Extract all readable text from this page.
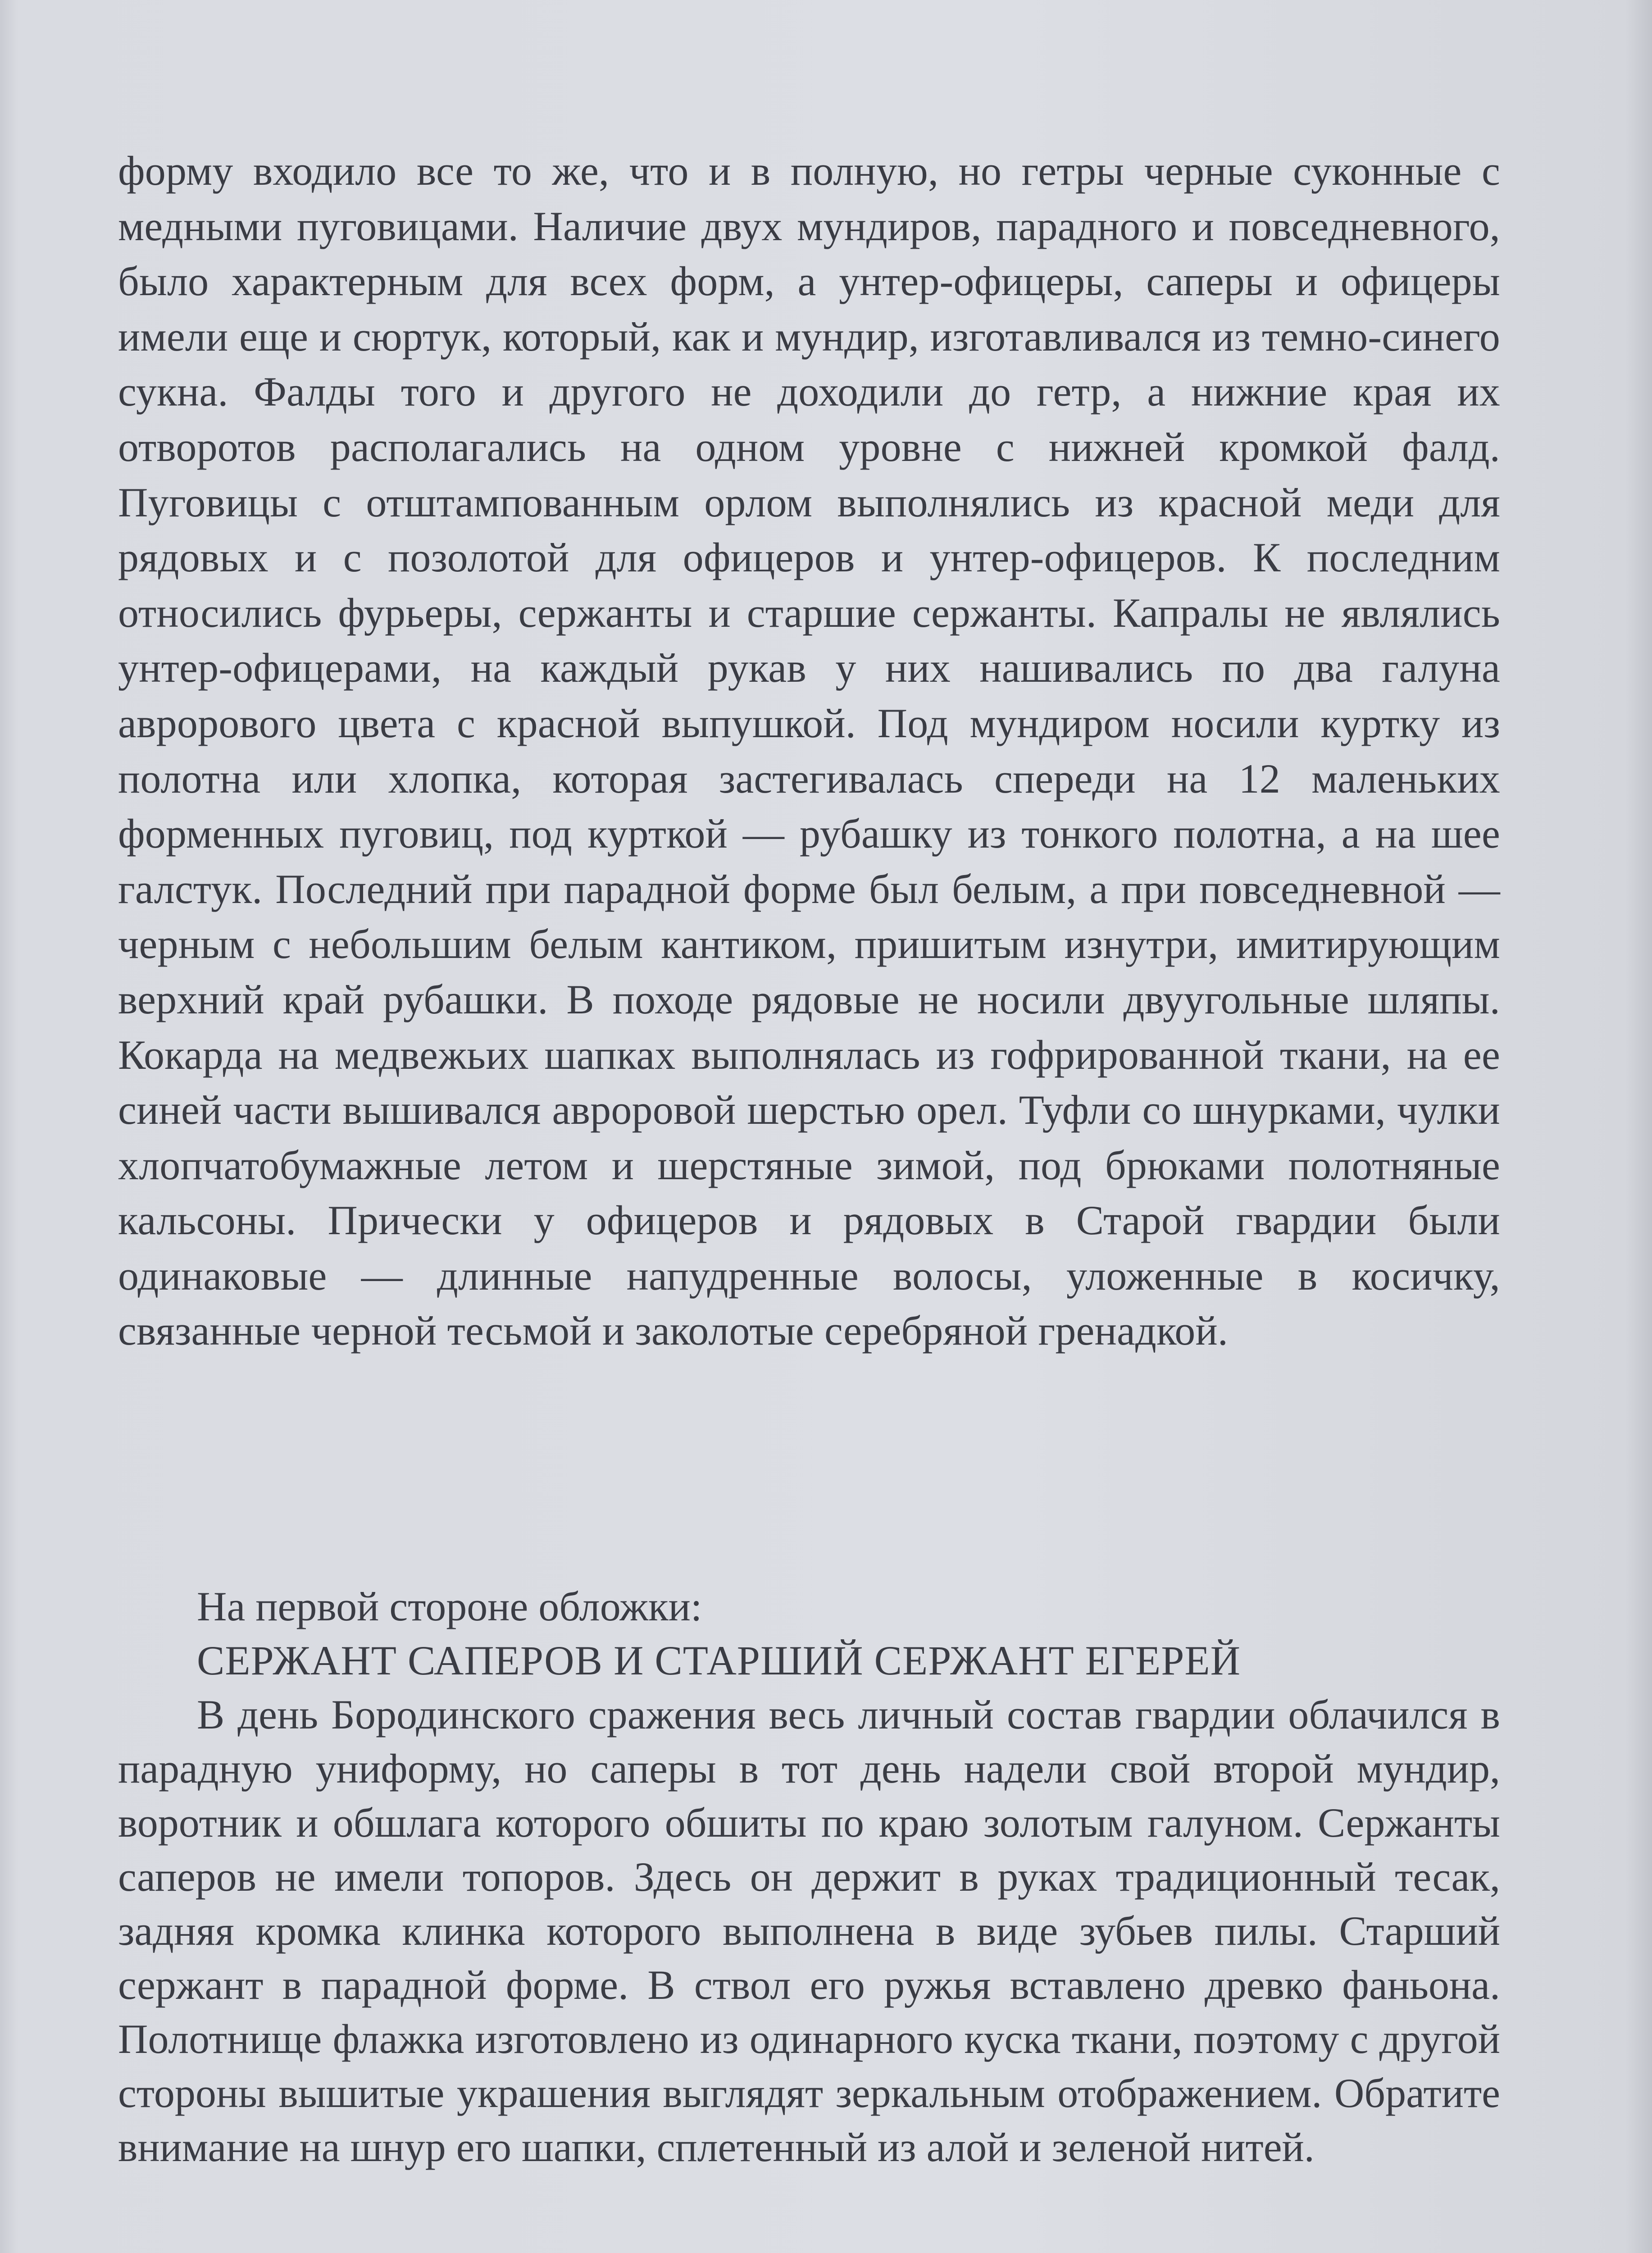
форму входило все то же, что и в полную, но гетры черные суконные с медными пуговицами. Наличие двух мундиров, парадного и повседневного, было характерным для всех форм, а унтер-офицеры, саперы и офицеры имели еще и сюртук, который, как и мундир, изготавливался из темно-синего сукна. Фалды того и другого не доходили до гетр, а нижние края их отворотов располагались на одном уровне с нижней кромкой фалд. Пуговицы с отштампованным орлом выполнялись из красной меди для рядовых и с позолотой для офицеров и унтер-офицеров. К последним относились фурьеры, сержанты и старшие сержанты. Капралы не являлись унтер-офицерами, на каждый рукав у них нашивались по два галуна аврорового цвета с красной выпушкой. Под мундиром носили куртку из полотна или хлопка, которая застегивалась спереди на 12 маленьких форменных пуговиц, под курткой — рубашку из тонкого полотна, а на шее галстук. Последний при парадной форме был белым, а при повседневной — черным с небольшим белым кантиком, пришитым изнутри, имитирующим верхний край рубашки. В походе рядовые не носили двуугольные шляпы. Кокарда на медвежьих шапках выполнялась из гофрированной ткани, на ее синей части вышивался авроровой шерстью орел. Туфли со шнурками, чулки хлопчатобумажные летом и шерстяные зимой, под брюками полотняные кальсоны. Прически у офицеров и рядовых в Старой гвардии были одинаковые — длинные напудренные волосы, уложенные в косичку, связанные черной тесьмой и заколотые серебряной гренадкой.

На первой стороне обложки:

СЕРЖАНТ САПЕРОВ И СТАРШИЙ СЕРЖАНТ ЕГЕРЕЙ

В день Бородинского сражения весь личный состав гвардии облачился в парадную униформу, но саперы в тот день надели свой второй мундир, воротник и обшлага которого обшиты по краю золотым галуном. Сержанты саперов не имели топоров. Здесь он держит в руках традиционный тесак, задняя кромка клинка которого выполнена в виде зубьев пилы. Старший сержант в парадной форме. В ствол его ружья вставлено древко фаньона. Полотнище флажка изготовлено из одинарного куска ткани, поэтому с другой стороны вышитые украшения выглядят зеркальным отображением. Обратите внимание на шнур его шапки, сплетенный из алой и зеленой нитей.
